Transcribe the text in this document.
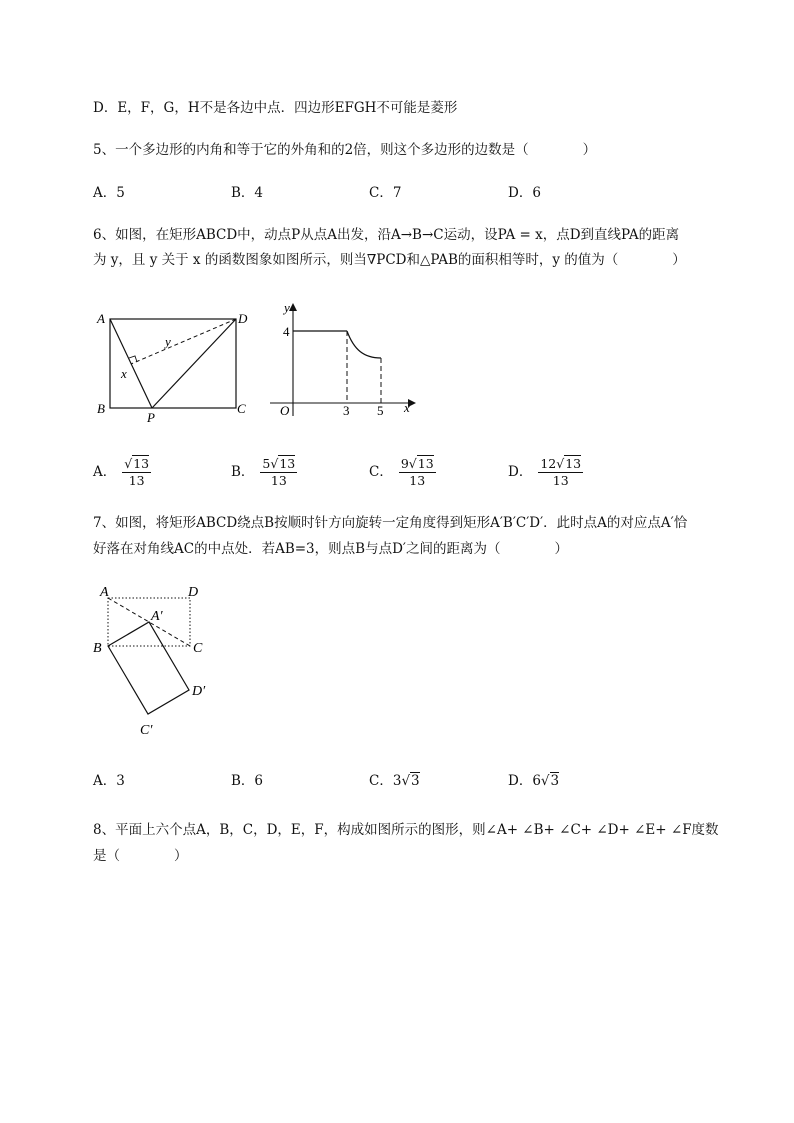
D．E，F，G，H不是各边中点．四边形EFGH不可能是菱形
5、一个多边形的内角和等于它的外角和的2倍，则这个多边形的边数是（　　　　）
A．5	B．4	C．7	D．6
6、如图，在矩形ABCD中，动点P从点A出发，沿A→B→C运动，设PA = x，点D到直线PA的距离
为 y，且 y 关于 x 的函数图象如图所示，则当∇PCD和△PAB的面积相等时，y 的值为（　　　　）
A	D
B	C
P
x
y
y
x
O
4
3 5
A． $\frac{√13}{13}$	B． $\frac{5√13}{13}$	C． $\frac{9√13}{13}$	D． $\frac{12√13}{13}$
7、如图，将矩形ABCD绕点B按顺时针方向旋转一定角度得到矩形A′B′C′D′．此时点A的对应点A′恰
好落在对角线AC的中点处．若AB=3，则点B与点D′之间的距离为（　　　　）
A	D
B	C
A′
D′
C′
A．3	B．6	C．3√3	D．6√3
8、平面上六个点A，B，C，D，E，F，构成如图所示的图形，则∠A+ ∠B+ ∠C+ ∠D+ ∠E+ ∠F度数
是（　　　　）
